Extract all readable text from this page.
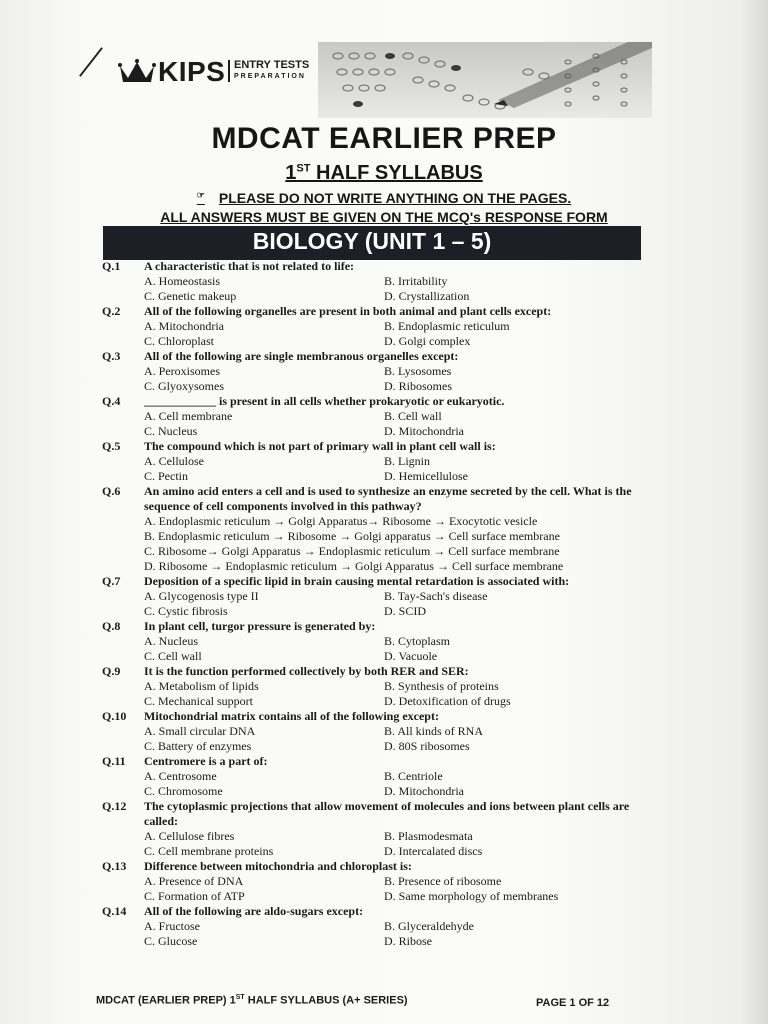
KIPS ENTRY TESTS
PREPARATION
MDCAT EARLIER PREP
1ST HALF SYLLABUS
☞ PLEASE DO NOT WRITE ANYTHING ON THE PAGES.
ALL ANSWERS MUST BE GIVEN ON THE MCQ's RESPONSE FORM
BIOLOGY (UNIT 1 – 5)
Q.1	A characteristic that is not related to life:
A. Homeostasis	B. Irritability
C. Genetic makeup	D. Crystallization
Q.2	All of the following organelles are present in both animal and plant cells except:
A. Mitochondria	B. Endoplasmic reticulum
C. Chloroplast	D. Golgi complex
Q.3	All of the following are single membranous organelles except:
A. Peroxisomes	B. Lysosomes
C. Glyoxysomes	D. Ribosomes
Q.4	____________ is present in all cells whether prokaryotic or eukaryotic.
A. Cell membrane	B. Cell wall
C. Nucleus	D. Mitochondria
Q.5	The compound which is not part of primary wall in plant cell wall is:
A. Cellulose	B. Lignin
C. Pectin	D. Hemicellulose
Q.6	An amino acid enters a cell and is used to synthesize an enzyme secreted by the cell. What is the sequence of cell components involved in this pathway?
A. Endoplasmic reticulum → Golgi Apparatus→ Ribosome → Exocytotic vesicle
B. Endoplasmic reticulum → Ribosome → Golgi apparatus → Cell surface membrane
C. Ribosome→ Golgi Apparatus → Endoplasmic reticulum → Cell surface membrane
D. Ribosome → Endoplasmic reticulum → Golgi Apparatus → Cell surface membrane
Q.7	Deposition of a specific lipid in brain causing mental retardation is associated with:
A. Glycogenosis type II	B. Tay-Sach's disease
C. Cystic fibrosis	D. SCID
Q.8	In plant cell, turgor pressure is generated by:
A. Nucleus	B. Cytoplasm
C. Cell wall	D. Vacuole
Q.9	It is the function performed collectively by both RER and SER:
A. Metabolism of lipids	B. Synthesis of proteins
C. Mechanical support	D. Detoxification of drugs
Q.10	Mitochondrial matrix contains all of the following except:
A. Small circular DNA	B. All kinds of RNA
C. Battery of enzymes	D. 80S ribosomes
Q.11	Centromere is a part of:
A. Centrosome	B. Centriole
C. Chromosome	D. Mitochondria
Q.12	The cytoplasmic projections that allow movement of molecules and ions between plant cells are called:
A. Cellulose fibres	B. Plasmodesmata
C. Cell membrane proteins	D. Intercalated discs
Q.13	Difference between mitochondria and chloroplast is:
A. Presence of DNA	B. Presence of ribosome
C. Formation of ATP	D. Same morphology of membranes
Q.14	All of the following are aldo-sugars except:
A. Fructose	B. Glyceraldehyde
C. Glucose	D. Ribose
MDCAT (EARLIER PREP) 1ST HALF SYLLABUS (A+ SERIES)	PAGE 1 OF 12
